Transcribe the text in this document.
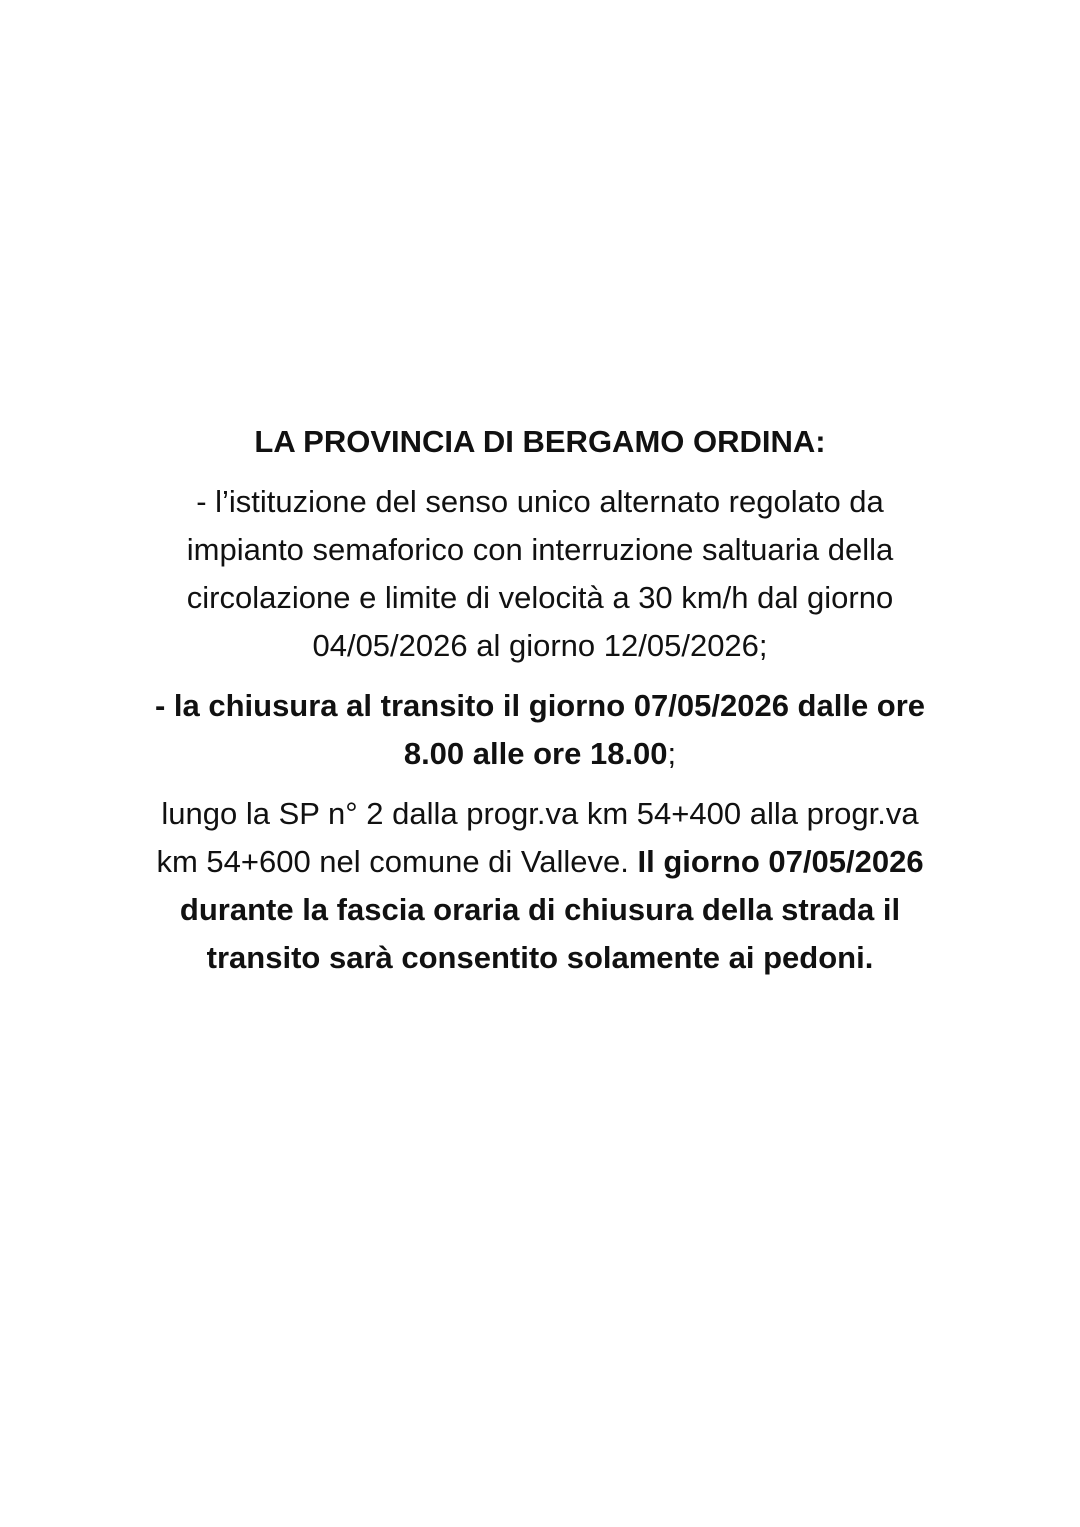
LA PROVINCIA DI BERGAMO ORDINA:

- l’istituzione del senso unico alternato regolato da impianto semaforico con interruzione saltuaria della circolazione e limite di velocità a 30 km/h dal giorno 04/05/2026 al giorno 12/05/2026;

- la chiusura al transito il giorno 07/05/2026 dalle ore 8.00 alle ore 18.00;

lungo la SP n° 2 dalla progr.va km 54+400 alla progr.va km 54+600 nel comune di Valleve. Il giorno 07/05/2026 durante la fascia oraria di chiusura della strada il transito sarà consentito solamente ai pedoni.
